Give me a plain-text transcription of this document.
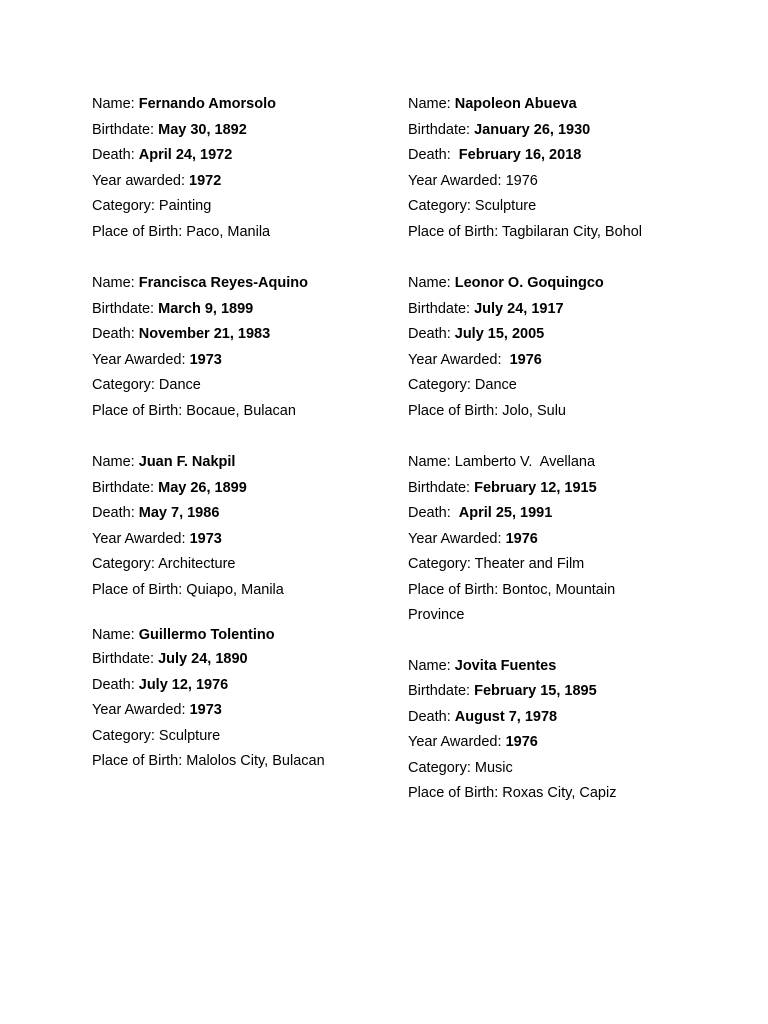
Name: Fernando Amorsolo
Birthdate: May 30, 1892
Death: April 24, 1972
Year awarded: 1972
Category: Painting
Place of Birth: Paco, Manila
Name: Francisca Reyes-Aquino
Birthdate: March 9, 1899
Death: November 21, 1983
Year Awarded: 1973
Category: Dance
Place of Birth: Bocaue, Bulacan
Name: Juan F. Nakpil
Birthdate: May 26, 1899
Death: May 7, 1986
Year Awarded: 1973
Category: Architecture
Place of Birth: Quiapo, Manila
Name: Guillermo Tolentino
Birthdate: July 24, 1890
Death: July 12, 1976
Year Awarded: 1973
Category: Sculpture
Place of Birth: Malolos City, Bulacan
Name: Napoleon Abueva
Birthdate: January 26, 1930
Death: February 16, 2018
Year Awarded: 1976
Category: Sculpture
Place of Birth: Tagbilaran City, Bohol
Name: Leonor O. Goquingco
Birthdate: July 24, 1917
Death: July 15, 2005
Year Awarded: 1976
Category: Dance
Place of Birth: Jolo, Sulu
Name: Lamberto V.  Avellana
Birthdate: February 12, 1915
Death: April 25, 1991
Year Awarded: 1976
Category: Theater and Film
Place of Birth: Bontoc, Mountain Province
Name: Jovita Fuentes
Birthdate: February 15, 1895
Death: August 7, 1978
Year Awarded: 1976
Category: Music
Place of Birth: Roxas City, Capiz
